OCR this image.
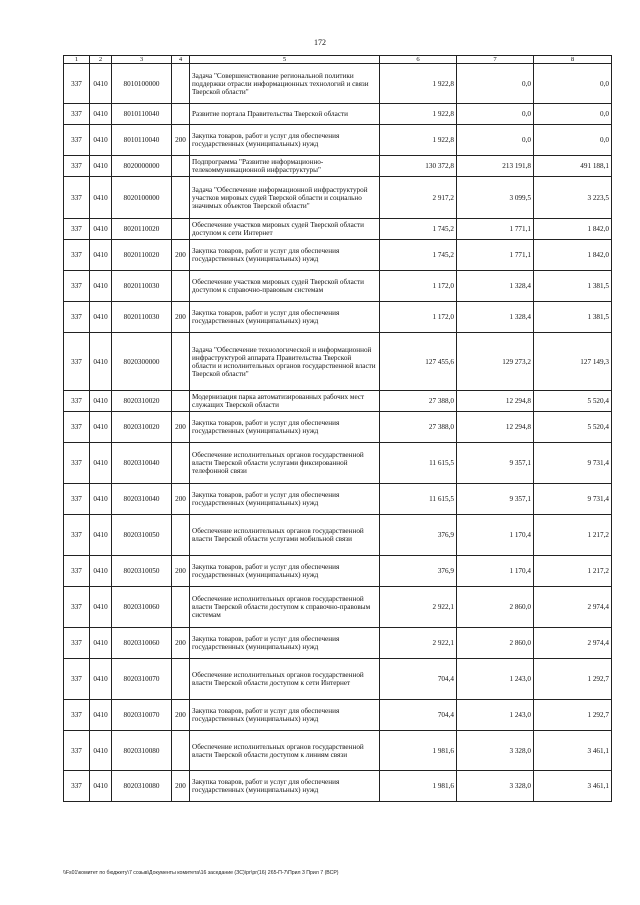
172
1	2	3	4	5	6	7	8
337	0410	8010100000		Задача "Совершенствование региональной политики поддержки отрасли информационных технологий и связи Тверской области"	1 922,8	0,0	0,0
337	0410	8010110040		Развитие портала Правительства Тверской области	1 922,8	0,0	0,0
337	0410	8010110040	200	Закупка товаров, работ и услуг для обеспечения государственных (муниципальных) нужд	1 922,8	0,0	0,0
337	0410	8020000000		Подпрограмма "Развитие информационно-телекоммуникационной инфраструктуры"	130 372,8	213 191,8	491 188,1
337	0410	8020100000		Задача "Обеспечение информационной инфраструктурой участков мировых судей Тверской области и социально значимых объектов Тверской области"	2 917,2	3 099,5	3 223,5
337	0410	8020110020		Обеспечение участков мировых судей Тверской области доступом к сети Интернет	1 745,2	1 771,1	1 842,0
337	0410	8020110020	200	Закупка товаров, работ и услуг для обеспечения государственных (муниципальных) нужд	1 745,2	1 771,1	1 842,0
337	0410	8020110030		Обеспечение участков мировых судей Тверской области доступом к справочно-правовым системам	1 172,0	1 328,4	1 381,5
337	0410	8020110030	200	Закупка товаров, работ и услуг для обеспечения государственных (муниципальных) нужд	1 172,0	1 328,4	1 381,5
337	0410	8020300000		Задача "Обеспечение технологической и информационной инфраструктурой аппарата Правительства Тверской области и исполнительных органов государственной власти Тверской области"	127 455,6	129 273,2	127 149,3
337	0410	8020310020		Модернизация парка автоматизированных рабочих мест служащих Тверской области	27 388,0	12 294,8	5 520,4
337	0410	8020310020	200	Закупка товаров, работ и услуг для обеспечения государственных (муниципальных) нужд	27 388,0	12 294,8	5 520,4
337	0410	8020310040		Обеспечение исполнительных органов государственной власти Тверской области услугами фиксированной телефонной связи	11 615,5	9 357,1	9 731,4
337	0410	8020310040	200	Закупка товаров, работ и услуг для обеспечения государственных (муниципальных) нужд	11 615,5	9 357,1	9 731,4
337	0410	8020310050		Обеспечение исполнительных органов государственной власти Тверской области услугами мобильной связи	376,9	1 170,4	1 217,2
337	0410	8020310050	200	Закупка товаров, работ и услуг для обеспечения государственных (муниципальных) нужд	376,9	1 170,4	1 217,2
337	0410	8020310060		Обеспечение исполнительных органов государственной власти Тверской области доступом к справочно-правовым системам	2 922,1	2 860,0	2 974,4
337	0410	8020310060	200	Закупка товаров, работ и услуг для обеспечения государственных (муниципальных) нужд	2 922,1	2 860,0	2 974,4
337	0410	8020310070		Обеспечение исполнительных органов государственной власти Тверской области доступом к сети Интернет	704,4	1 243,0	1 292,7
337	0410	8020310070	200	Закупка товаров, работ и услуг для обеспечения государственных (муниципальных) нужд	704,4	1 243,0	1 292,7
337	0410	8020310080		Обеспечение исполнительных органов государственной власти Тверской области доступом к линиям связи	1 981,6	3 328,0	3 461,1
337	0410	8020310080	200	Закупка товаров, работ и услуг для обеспечения государственных (муниципальных) нужд	1 981,6	3 328,0	3 461,1
\\Fs01\комитет по бюджету\7 созыв\Документы комитета\16 заседание (ЗС)\рг\рг(16) 265-П-7\Прил 3 Прил 7 (ВСР)
